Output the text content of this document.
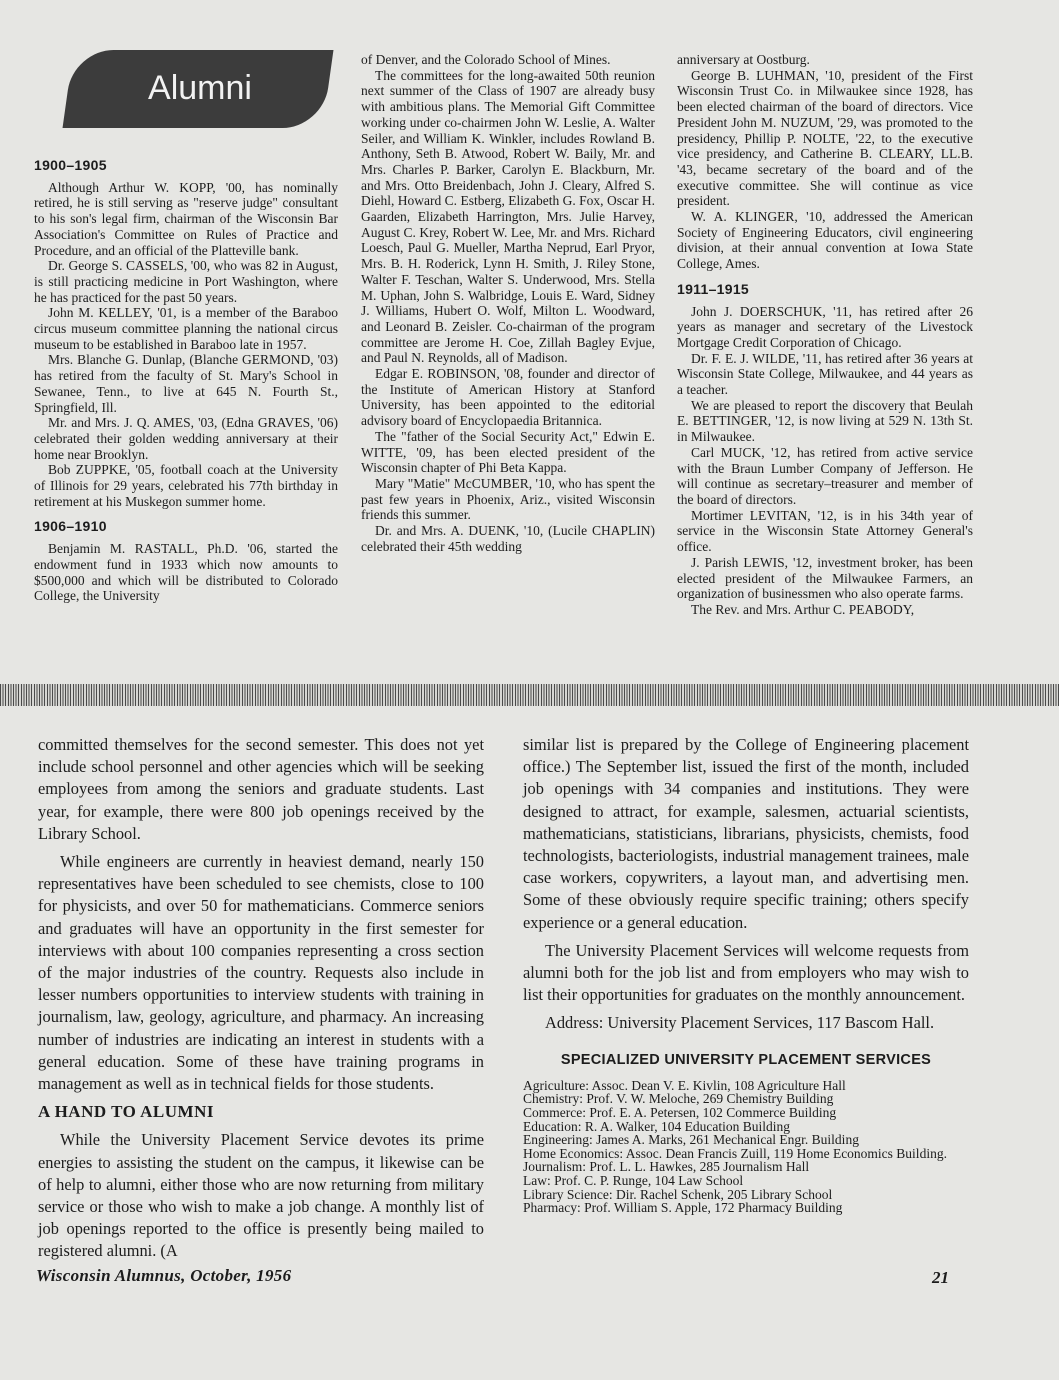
Alumni
1900–1905

Although Arthur W. KOPP, '00, has nominally retired, he is still serving as "reserve judge" consultant to his son's legal firm, chairman of the Wisconsin Bar Association's Committee on Rules of Practice and Procedure, and an official of the Platteville bank.

Dr. George S. CASSELS, '00, who was 82 in August, is still practicing medicine in Port Washington, where he has practiced for the past 50 years.

John M. KELLEY, '01, is a member of the Baraboo circus museum committee planning the national circus museum to be established in Baraboo late in 1957.

Mrs. Blanche G. Dunlap, (Blanche GERMOND, '03) has retired from the faculty of St. Mary's School in Sewanee, Tenn., to live at 645 N. Fourth St., Springfield, Ill.

Mr. and Mrs. J. Q. AMES, '03, (Edna GRAVES, '06) celebrated their golden wedding anniversary at their home near Brooklyn.

Bob ZUPPKE, '05, football coach at the University of Illinois for 29 years, celebrated his 77th birthday in retirement at his Muskegon summer home.

1906–1910

Benjamin M. RASTALL, Ph.D. '06, started the endowment fund in 1933 which now amounts to $500,000 and which will be distributed to Colorado College, the University

of Denver, and the Colorado School of Mines.

The committees for the long-awaited 50th reunion next summer of the Class of 1907 are already busy with ambitious plans. The Memorial Gift Committee working under co-chairmen John W. Leslie, A. Walter Seiler, and William K. Winkler, includes Rowland B. Anthony, Seth B. Atwood, Robert W. Baily, Mr. and Mrs. Charles P. Barker, Carolyn E. Blackburn, Mr. and Mrs. Otto Breidenbach, John J. Cleary, Alfred S. Diehl, Howard C. Estberg, Elizabeth G. Fox, Oscar H. Gaarden, Elizabeth Harrington, Mrs. Julie Harvey, August C. Krey, Robert W. Lee, Mr. and Mrs. Richard Loesch, Paul G. Mueller, Martha Neprud, Earl Pryor, Mrs. B. H. Roderick, Lynn H. Smith, J. Riley Stone, Walter F. Teschan, Walter S. Underwood, Mrs. Stella M. Uphan, John S. Walbridge, Louis E. Ward, Sidney J. Williams, Hubert O. Wolf, Milton L. Woodward, and Leonard B. Zeisler. Co-chairman of the program committee are Jerome H. Coe, Zillah Bagley Evjue, and Paul N. Reynolds, all of Madison.

Edgar E. ROBINSON, '08, founder and director of the Institute of American History at Stanford University, has been appointed to the editorial advisory board of Encyclopaedia Britannica.

The "father of the Social Security Act," Edwin E. WITTE, '09, has been elected president of the Wisconsin chapter of Phi Beta Kappa.

Mary "Matie" McCUMBER, '10, who has spent the past few years in Phoenix, Ariz., visited Wisconsin friends this summer.

Dr. and Mrs. A. DUENK, '10, (Lucile CHAPLIN) celebrated their 45th wedding

anniversary at Oostburg.

George B. LUHMAN, '10, president of the First Wisconsin Trust Co. in Milwaukee since 1928, has been elected chairman of the board of directors. Vice President John M. NUZUM, '29, was promoted to the presidency, Phillip P. NOLTE, '22, to the executive vice presidency, and Catherine B. CLEARY, LL.B. '43, became secretary of the board and of the executive committee. She will continue as vice president.

W. A. KLINGER, '10, addressed the American Society of Engineering Educators, civil engineering division, at their annual convention at Iowa State College, Ames.

1911–1915

John J. DOERSCHUK, '11, has retired after 26 years as manager and secretary of the Livestock Mortgage Credit Corporation of Chicago.

Dr. F. E. J. WILDE, '11, has retired after 36 years at Wisconsin State College, Milwaukee, and 44 years as a teacher.

We are pleased to report the discovery that Beulah E. BETTINGER, '12, is now living at 529 N. 13th St. in Milwaukee.

Carl MUCK, '12, has retired from active service with the Braun Lumber Company of Jefferson. He will continue as secretary–treasurer and member of the board of directors.

Mortimer LEVITAN, '12, is in his 34th year of service in the Wisconsin State Attorney General's office.

J. Parish LEWIS, '12, investment broker, has been elected president of the Milwaukee Farmers, an organization of businessmen who also operate farms.

The Rev. and Mrs. Arthur C. PEABODY,

committed themselves for the second semester. This does not yet include school personnel and other agencies which will be seeking employees from among the seniors and graduate students. Last year, for example, there were 800 job openings received by the Library School.

While engineers are currently in heaviest demand, nearly 150 representatives have been scheduled to see chemists, close to 100 for physicists, and over 50 for mathematicians. Commerce seniors and graduates will have an opportunity in the first semester for interviews with about 100 companies representing a cross section of the major industries of the country. Requests also include in lesser numbers opportunities to interview students with training in journalism, law, geology, agriculture, and pharmacy. An increasing number of industries are indicating an interest in students with a general education. Some of these have training programs in management as well as in technical fields for those students.

A HAND TO ALUMNI

While the University Placement Service devotes its prime energies to assisting the student on the campus, it likewise can be of help to alumni, either those who are now returning from military service or those who wish to make a job change. A monthly list of job openings reported to the office is presently being mailed to registered alumni. (A

similar list is prepared by the College of Engineering placement office.) The September list, issued the first of the month, included job openings with 34 companies and institutions. They were designed to attract, for example, salesmen, actuarial scientists, mathematicians, statisticians, librarians, physicists, chemists, food technologists, bacteriologists, industrial management trainees, male case workers, copywriters, a layout man, and advertising men. Some of these obviously require specific training; others specify experience or a general education.

The University Placement Services will welcome requests from alumni both for the job list and from employers who may wish to list their opportunities for graduates on the monthly announcement.

Address: University Placement Services, 117 Bascom Hall.

SPECIALIZED UNIVERSITY PLACEMENT SERVICES
Agriculture: Assoc. Dean V. E. Kivlin, 108 Agriculture Hall
Chemistry: Prof. V. W. Meloche, 269 Chemistry Building
Commerce: Prof. E. A. Petersen, 102 Commerce Building
Education: R. A. Walker, 104 Education Building
Engineering: James A. Marks, 261 Mechanical Engr. Building
Home Economics: Assoc. Dean Francis Zuill, 119 Home Economics Building.
Journalism: Prof. L. L. Hawkes, 285 Journalism Hall
Law: Prof. C. P. Runge, 104 Law School
Library Science: Dir. Rachel Schenk, 205 Library School
Pharmacy: Prof. William S. Apple, 172 Pharmacy Building
Wisconsin Alumnus, October, 1956	21
